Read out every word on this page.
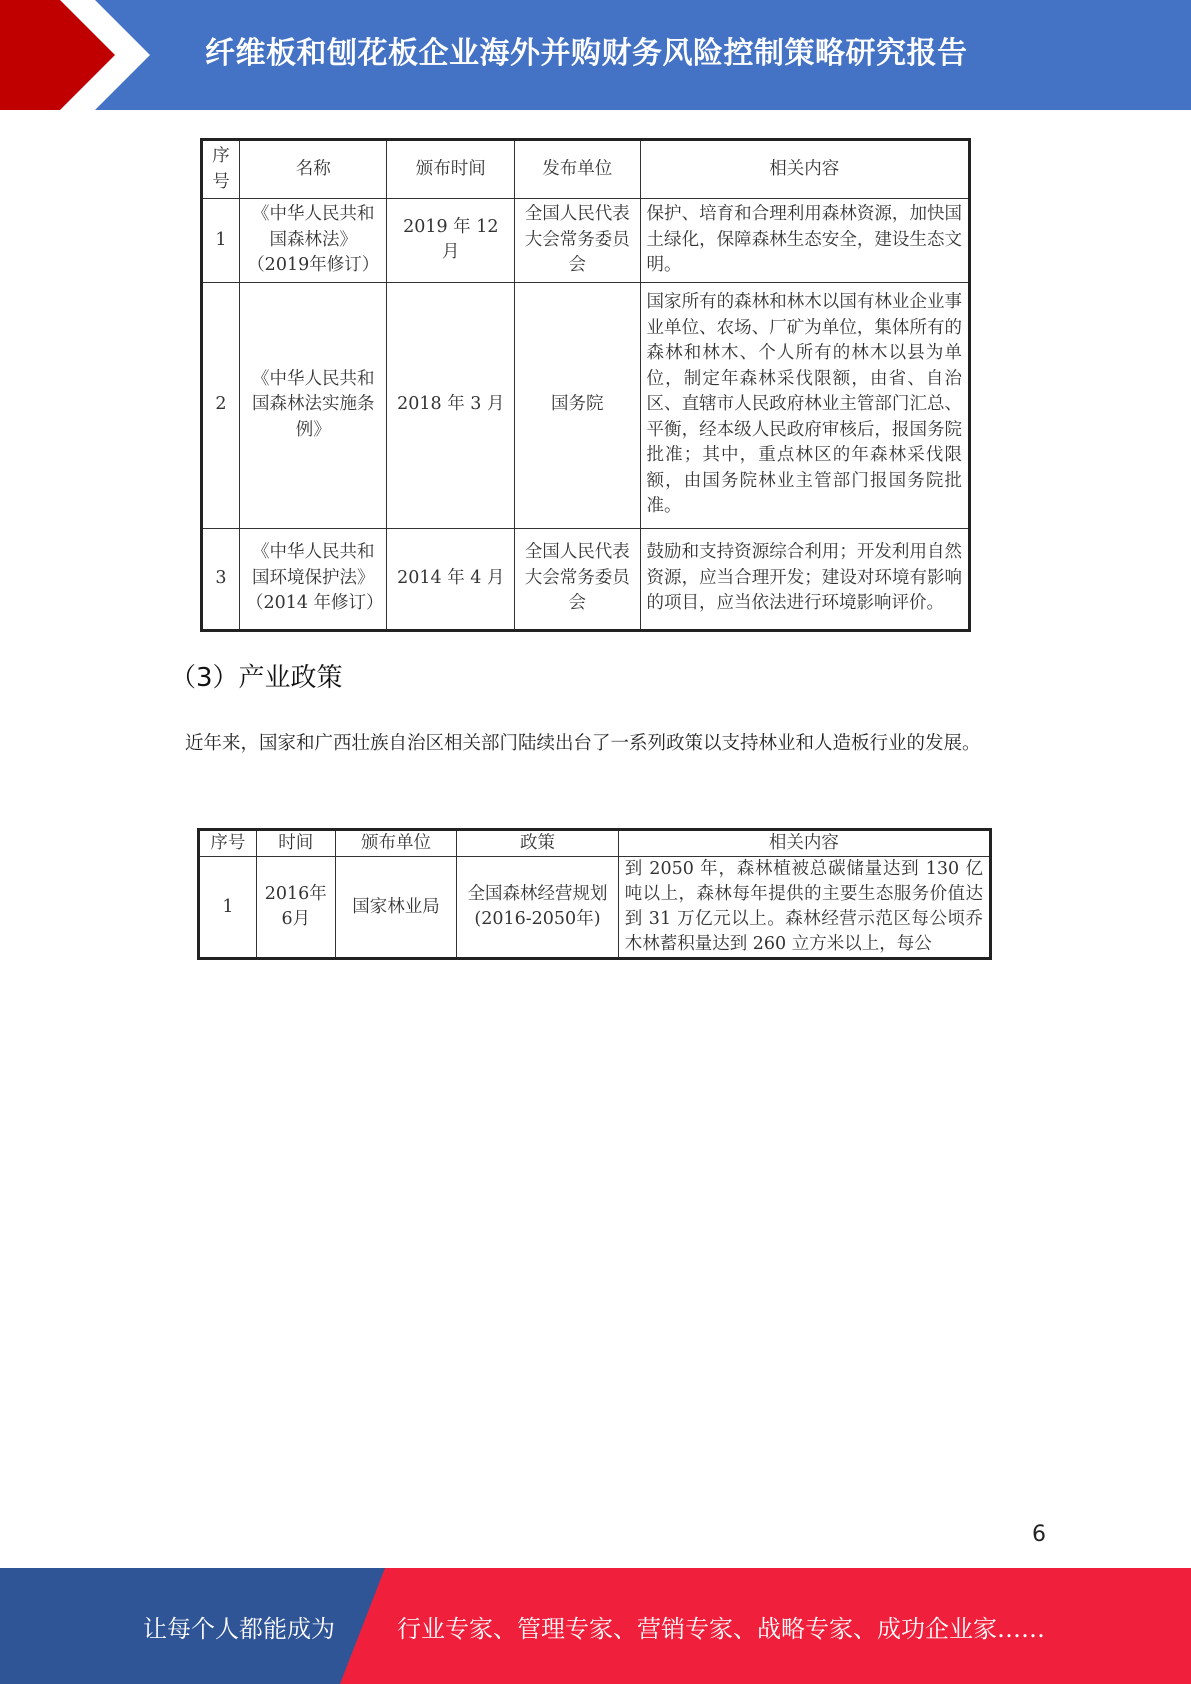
纤维板和刨花板企业海外并购财务风险控制策略研究报告
序号	名称	颁布时间	发布单位	相关内容
1	《中华人民共和国森林法》（2019年修订）	2019 年 12 月	全国人民代表大会常务委员会	保护、培育和合理利用森林资源，加快国土绿化，保障森林生态安全，建设生态文明。
2	《中华人民共和国森林法实施条例》	2018 年 3 月	国务院	国家所有的森林和林木以国有林业企业事业单位、农场、厂矿为单位，集体所有的森林和林木、个人所有的林木以县为单位，制定年森林采伐限额，由省、自治区、直辖市人民政府林业主管部门汇总、平衡，经本级人民政府审核后，报国务院批准；其中，重点林区的年森林采伐限额，由国务院林业主管部门报国务院批准。
3	《中华人民共和国环境保护法》（2014 年修订）	2014 年 4 月	全国人民代表大会常务委员会	鼓励和支持资源综合利用；开发利用自然资源，应当合理开发；建设对环境有影响的项目，应当依法进行环境影响评价。
（3）产业政策
近年来，国家和广西壮族自治区相关部门陆续出台了一系列政策以支持林业和人造板行业的发展。
序号	时间	颁布单位	政策	相关内容
1	2016年6月	国家林业局	全国森林经营规划(2016-2050年)	到 2050 年，森林植被总碳储量达到 130 亿吨以上，森林每年提供的主要生态服务价值达到 31 万亿元以上。森林经营示范区每公顷乔木林蓄积量达到 260 立方米以上，每公
6
让每个人都能成为	行业专家、管理专家、营销专家、战略专家、成功企业家……
